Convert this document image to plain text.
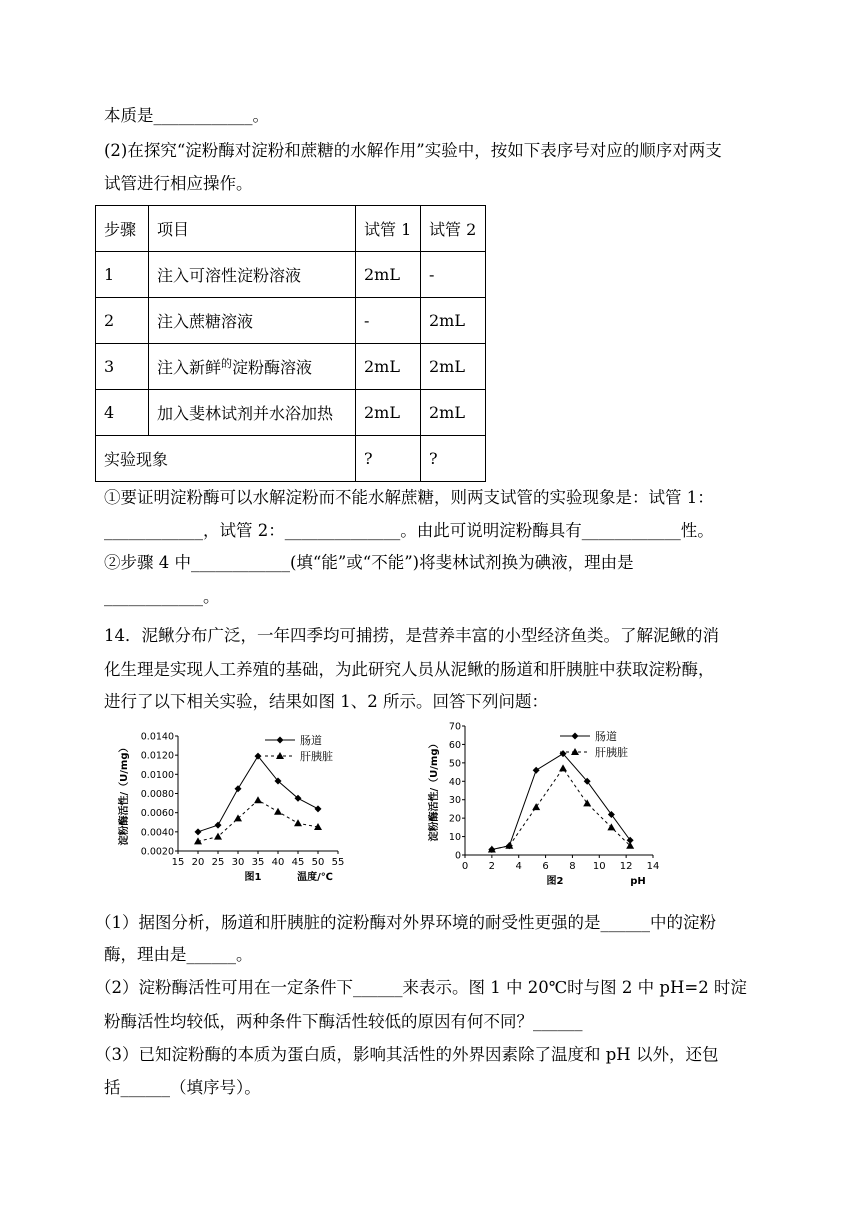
本质是____________。
(2)在探究“淀粉酶对淀粉和蔗糖的水解作用”实验中，按如下表序号对应的顺序对两支
试管进行相应操作。
步骤	项目	试管 1	试管 2
1	注入可溶性淀粉溶液	2mL	-
2	注入蔗糖溶液	-	2mL
3	注入新鲜$^的$淀粉酶溶液	2mL	2mL
4	加入斐林试剂并水浴加热	2mL	2mL
实验现象		?	?
①要证明淀粉酶可以水解淀粉而不能水解蔗糖，则两支试管的实验现象是：试管 1：
____________，试管 2：______________。由此可说明淀粉酶具有____________性。
②步骤 4 中____________(填“能”或“不能”)将斐林试剂换为碘液，理由是
____________。
14．泥鳅分布广泛，一年四季均可捕捞，是营养丰富的小型经济鱼类。了解泥鳅的消
化生理是实现人工养殖的基础，为此研究人员从泥鳅的肠道和肝胰脏中获取淀粉酶，
进行了以下相关实验，结果如图 1、2 所示。回答下列问题：
15 20 25 30 35 40 45 50 55
0.0020
0.0040
0.0060
0.0080
0.0100
0.0120
0.0140	肠道
肝胰脏
图1	温度/℃
淀粉酶活性/（U/mg）
0 2 4 6 8 10 12 14
0
10
20
30
40
50
60
70
肠道
肝胰脏
图2	pH
淀粉酶活性/（U/mg）
（1）据图分析，肠道和肝胰脏的淀粉酶对外界环境的耐受性更强的是______中的淀粉
酶，理由是______。
（2）淀粉酶活性可用在一定条件下______来表示。图 1 中 20℃时与图 2 中 pH=2 时淀
粉酶活性均较低，两种条件下酶活性较低的原因有何不同？______
（3）已知淀粉酶的本质为蛋白质，影响其活性的外界因素除了温度和 pH 以外，还包
括______（填序号）。
